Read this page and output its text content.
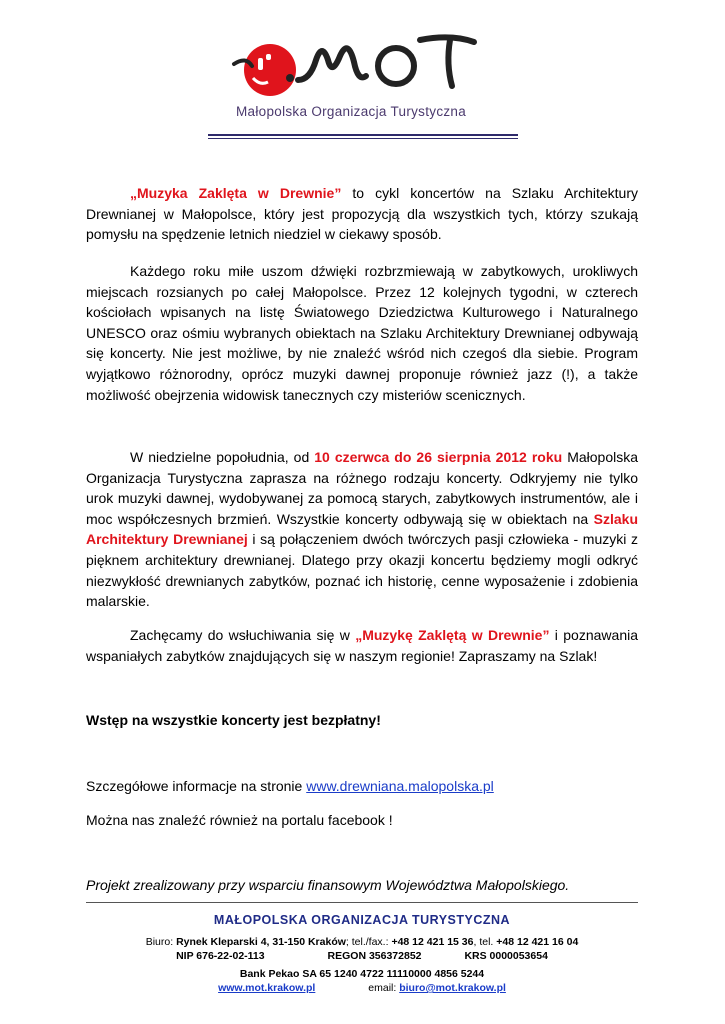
Małopolska Organizacja Turystyczna
„Muzyka Zaklęta w Drewnie” to cykl koncertów na Szlaku Architektury Drewnianej w Małopolsce, który jest propozycją dla wszystkich tych, którzy szukają pomysłu na spędzenie letnich niedziel w ciekawy sposób.
Każdego roku miłe uszom dźwięki rozbrzmiewają w zabytkowych, urokliwych miejscach rozsianych po całej Małopolsce. Przez 12 kolejnych tygodni, w czterech kościołach wpisanych na listę Światowego Dziedzictwa Kulturowego i Naturalnego UNESCO oraz ośmiu wybranych obiektach na Szlaku Architektury Drewnianej odbywają się koncerty. Nie jest możliwe, by nie znaleźć wśród nich czegoś dla siebie. Program wyjątkowo różnorodny, oprócz muzyki dawnej proponuje również jazz (!), a także możliwość obejrzenia widowisk tanecznych czy misteriów scenicznych.
W niedzielne popołudnia, od 10 czerwca do 26 sierpnia 2012 roku Małopolska Organizacja Turystyczna zaprasza na różnego rodzaju koncerty. Odkryjemy nie tylko urok muzyki dawnej, wydobywanej za pomocą starych, zabytkowych instrumentów, ale i moc współczesnych brzmień. Wszystkie koncerty odbywają się w obiektach na Szlaku Architektury Drewnianej i są połączeniem dwóch twórczych pasji człowieka - muzyki z pięknem architektury drewnianej. Dlatego przy okazji koncertu będziemy mogli odkryć niezwykłość drewnianych zabytków, poznać ich historię, cenne wyposażenie i zdobienia malarskie.
Zachęcamy do wsłuchiwania się w „Muzykę Zaklętą w Drewnie” i poznawania wspaniałych zabytków znajdujących się w naszym regionie! Zapraszamy na Szlak!
Wstęp na wszystkie koncerty jest bezpłatny!
Szczegółowe informacje na stronie www.drewniana.malopolska.pl
Można nas znaleźć również na portalu facebook !
Projekt zrealizowany przy wsparciu finansowym Województwa Małopolskiego.
MAŁOPOLSKA ORGANIZACJA TURYSTYCZNA
Biuro: Rynek Kleparski 4, 31-150 Kraków; tel./fax.: +48 12 421 15 36, tel. +48 12 421 16 04
NIP 676-22-02-113	REGON 356372852	KRS 0000053654
Bank Pekao SA 65 1240 4722 11110000 4856 5244
www.mot.krakow.pl	email: biuro@mot.krakow.pl
